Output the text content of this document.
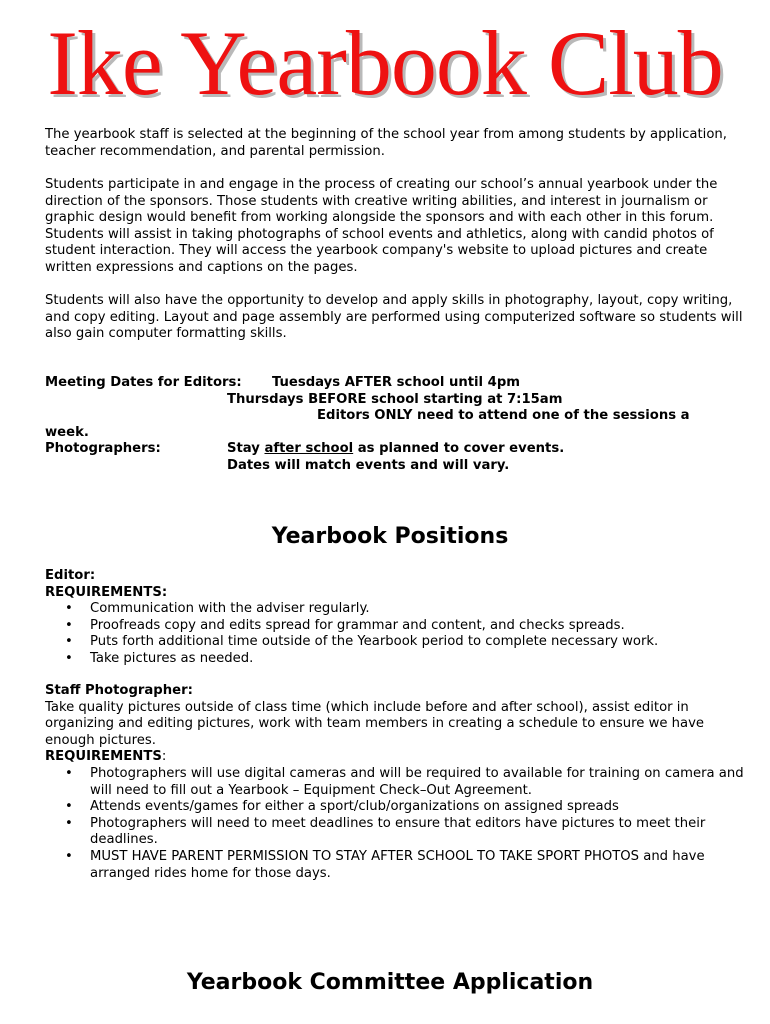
Ike Yearbook Club
The yearbook staff is selected at the beginning of the school year from among students by application, teacher recommendation, and parental permission.
Students participate in and engage in the process of creating our school’s annual yearbook under the direction of the sponsors. Those students with creative writing abilities, and interest in journalism or graphic design would benefit from working alongside the sponsors and with each other in this forum. Students will assist in taking photographs of school events and athletics, along with candid photos of student interaction. They will access the yearbook company's website to upload pictures and create written expressions and captions on the pages.
Students will also have the opportunity to develop and apply skills in photography, layout, copy writing, and copy editing. Layout and page assembly are performed using computerized software so students will also gain computer formatting skills.
Meeting Dates for Editors: Tuesdays AFTER school until 4pm
Thursdays BEFORE school starting at 7:15am
Editors ONLY need to attend one of the sessions a
week.
Photographers:	Stay after school as planned to cover events.
Dates will match events and will vary.
Yearbook Positions
Editor:
REQUIREMENTS:
• Communication with the adviser regularly.
• Proofreads copy and edits spread for grammar and content, and checks spreads.
• Puts forth additional time outside of the Yearbook period to complete necessary work.
• Take pictures as needed.
Staff Photographer:
Take quality pictures outside of class time (which include before and after school), assist editor in organizing and editing pictures, work with team members in creating a schedule to ensure we have enough pictures.
REQUIREMENTS:
• Photographers will use digital cameras and will be required to available for training on camera and will need to fill out a Yearbook – Equipment Check–Out Agreement.
• Attends events/games for either a sport/club/organizations on assigned spreads
• Photographers will need to meet deadlines to ensure that editors have pictures to meet their deadlines.
• MUST HAVE PARENT PERMISSION TO STAY AFTER SCHOOL TO TAKE SPORT PHOTOS and have arranged rides home for those days.
Yearbook Committee Application
